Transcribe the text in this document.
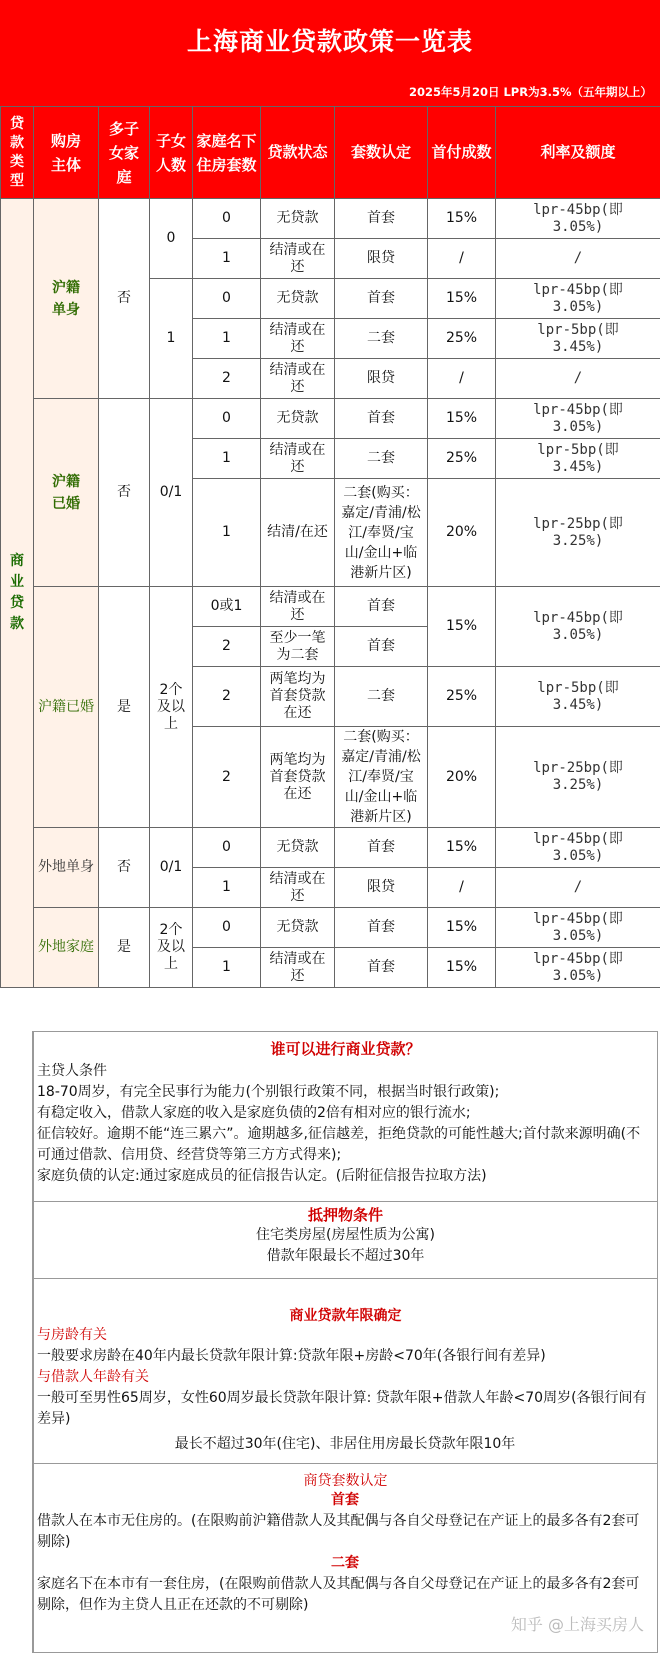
上海商业贷款政策一览表
2025年5月20日 LPR为3.5%（五年期以上）
贷款类型	购房主体	多子女家庭	子女人数	家庭名下住房套数	贷款状态	套数认定	首付成数	利率及额度
商业贷款	沪籍单身	否	0	0	无贷款	首套	15%	lpr-45bp(即3.05%)
				1	结清或在还	限贷	/	/
			1	0	无贷款	首套	15%	lpr-45bp(即3.05%)
				1	结清或在还	二套	25%	lpr-5bp(即3.45%)
				2	结清或在还	限贷	/	/
	沪籍已婚	否	0/1	0	无贷款	首套	15%	lpr-45bp(即3.05%)
				1	结清或在还	二套	25%	lpr-5bp(即3.45%)
				1	结清/在还	二套(购买：嘉定/青浦/松江/奉贤/宝山/金山+临港新片区)	20%	lpr-25bp(即3.25%)
	沪籍已婚	是	2个及以上	0或1	结清或在还	首套	15%	lpr-45bp(即3.05%)
				2	至少一笔为二套	首套		
				2	两笔均为首套贷款在还	二套	25%	lpr-5bp(即3.45%)
				2	两笔均为首套贷款在还	二套(购买：嘉定/青浦/松江/奉贤/宝山/金山+临港新片区)	20%	lpr-25bp(即3.25%)
	外地单身	否	0/1	0	无贷款	首套	15%	lpr-45bp(即3.05%)
				1	结清或在还	限贷	/	/
	外地家庭	是	2个及以上	0	无贷款	首套	15%	lpr-45bp(即3.05%)
				1	结清或在还	首套	15%	lpr-45bp(即3.05%)
谁可以进行商业贷款？
主贷人条件
18-70周岁，有完全民事行为能力(个别银行政策不同，根据当时银行政策);
有稳定收入，借款人家庭的收入是家庭负债的2倍有相对应的银行流水;
征信较好。逾期不能“连三累六”。逾期越多,征信越差，拒绝贷款的可能性越大;首付款来源明确(不可通过借款、信用贷、经营贷等第三方方式得来);
家庭负债的认定:通过家庭成员的征信报告认定。(后附征信报告拉取方法)
抵押物条件
住宅类房屋(房屋性质为公寓)
借款年限最长不超过30年
商业贷款年限确定
与房龄有关
一般要求房龄在40年内最长贷款年限计算:贷款年限+房龄<70年(各银行间有差异)
与借款人年龄有关
一般可至男性65周岁，女性60周岁最长贷款年限计算: 贷款年限+借款人年龄<70周岁(各银行间有差异)
最长不超过30年(住宅)、非居住用房最长贷款年限10年
商贷套数认定
首套
借款人在本市无住房的。(在限购前沪籍借款人及其配偶与各自父母登记在产证上的最多各有2套可剔除)
二套
家庭名下在本市有一套住房，(在限购前借款人及其配偶与各自父母登记在产证上的最多各有2套可剔除，但作为主贷人且正在还款的不可剔除)
知乎 @上海买房人
